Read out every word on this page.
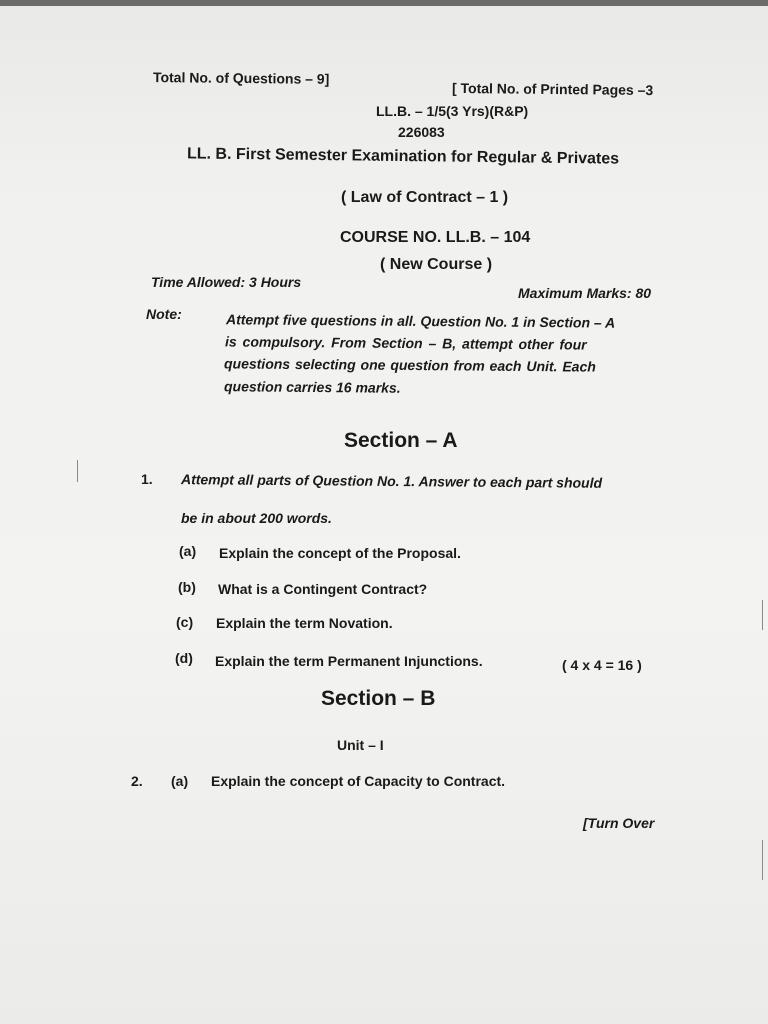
Total No. of Questions – 9]
[ Total No. of Printed Pages –3
LL.B. – 1/5(3 Yrs)(R&P)
226083
LL. B. First Semester Examination for Regular & Privates
( Law of Contract – 1 )
COURSE NO. LL.B. – 104
( New Course )
Time Allowed: 3 Hours
Maximum Marks: 80
Note:	Attempt five questions in all. Question No. 1 in Section – A
is compulsory. From Section – B, attempt other four
questions selecting one question from each Unit. Each
question carries 16 marks.
Section – A
1. Attempt all parts of Question No. 1. Answer to each part should
be in about 200 words.
(a) Explain the concept of the Proposal.
(b) What is a Contingent Contract?
(c) Explain the term Novation.
(d) Explain the term Permanent Injunctions.	( 4 x 4 = 16 )
Section – B
Unit – I
2. (a) Explain the concept of Capacity to Contract.
[Turn Over
